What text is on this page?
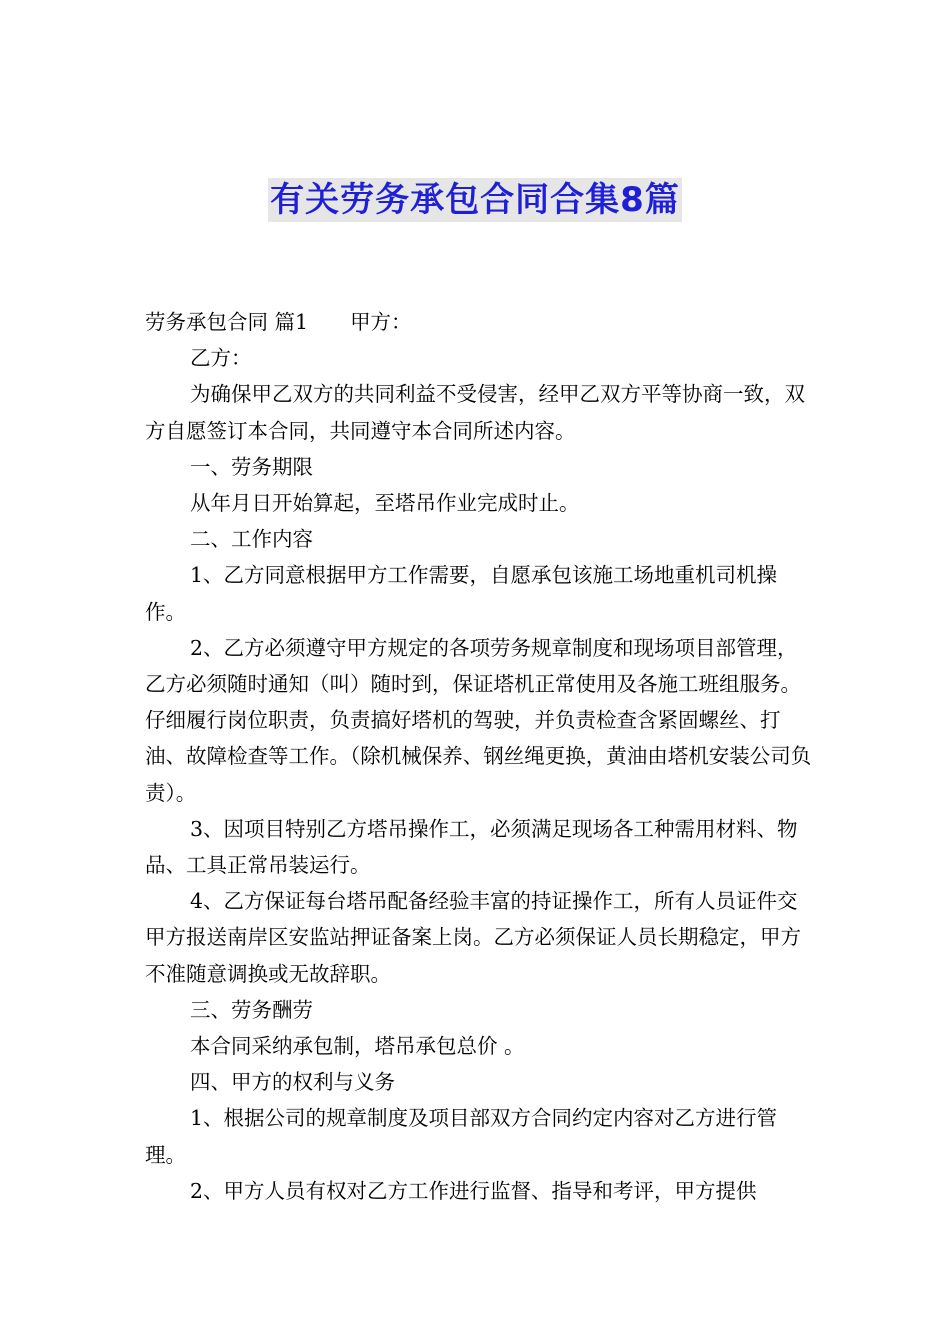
有关劳务承包合同合集8篇

劳务承包合同 篇1 甲方：

乙方：

为确保甲乙双方的共同利益不受侵害，经甲乙双方平等协商一致，双方自愿签订本合同，共同遵守本合同所述内容。

一、劳务期限

从年月日开始算起，至塔吊作业完成时止。

二、工作内容

1、乙方同意根据甲方工作需要，自愿承包该施工场地重机司机操作。

2、乙方必须遵守甲方规定的各项劳务规章制度和现场项目部管理，乙方必须随时通知（叫）随时到，保证塔机正常使用及各施工班组服务。仔细履行岗位职责，负责搞好塔机的驾驶，并负责检查含紧固螺丝、打油、故障检查等工作。（除机械保养、钢丝绳更换，黄油由塔机安装公司负责）。

3、因项目特别乙方塔吊操作工，必须满足现场各工种需用材料、物品、工具正常吊装运行。

4、乙方保证每台塔吊配备经验丰富的持证操作工，所有人员证件交甲方报送南岸区安监站押证备案上岗。乙方必须保证人员长期稳定，甲方不准随意调换或无故辞职。

三、劳务酬劳

本合同采纳承包制，塔吊承包总价 。

四、甲方的权利与义务

1、根据公司的规章制度及项目部双方合同约定内容对乙方进行管理。

2、甲方人员有权对乙方工作进行监督、指导和考评，甲方提供
